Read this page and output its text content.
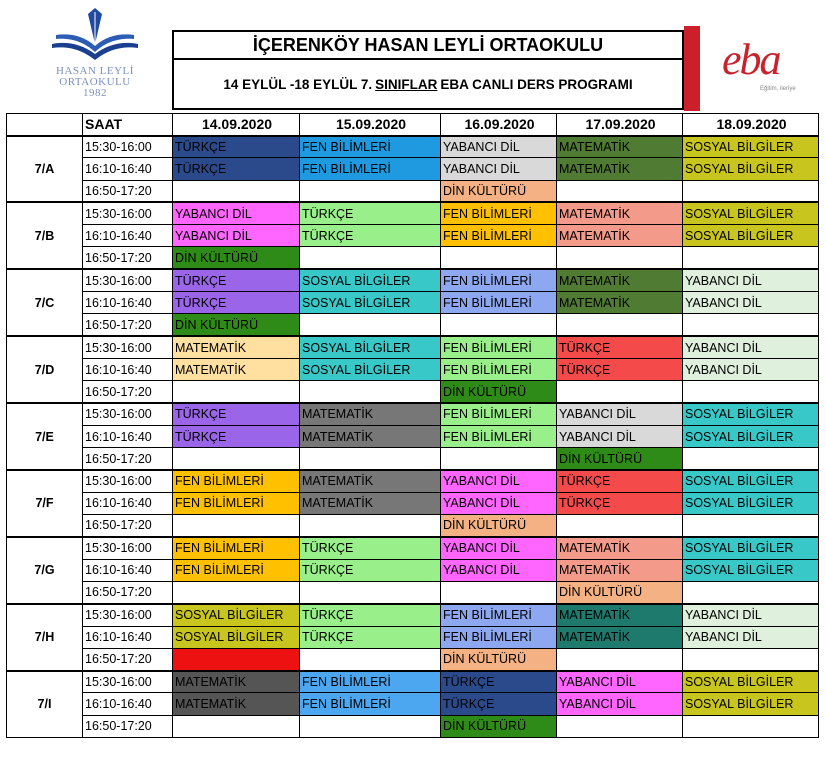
HASAN LEYLİ
ORTAOKULU
1982
İÇERENKÖY HASAN LEYLİ ORTAOKULU
14 EYLÜL -18 EYLÜL 7. SINIFLAR EBA CANLI DERS PROGRAMI eba
Eğitim, ileriye
	SAAT	14.09.2020	15.09.2020	16.09.2020	17.09.2020	18.09.2020
7/A	15:30-16:00	TÜRKÇE	FEN BİLİMLERİ	YABANCI DİL	MATEMATİK	SOSYAL BİLGİLER
	16:10-16:40	TÜRKÇE	FEN BİLİMLERİ	YABANCI DİL	MATEMATİK	SOSYAL BİLGİLER
	16:50-17:20			DİN KÜLTÜRÜ		
7/B	15:30-16:00	YABANCI DİL	TÜRKÇE	FEN BİLİMLERİ	MATEMATİK	SOSYAL BİLGİLER
	16:10-16:40	YABANCI DİL	TÜRKÇE	FEN BİLİMLERİ	MATEMATİK	SOSYAL BİLGİLER
	16:50-17:20	DİN KÜLTÜRÜ				
7/C	15:30-16:00	TÜRKÇE	SOSYAL BİLGİLER	FEN BİLİMLERİ	MATEMATİK	YABANCI DİL
	16:10-16:40	TÜRKÇE	SOSYAL BİLGİLER	FEN BİLİMLERİ	MATEMATİK	YABANCI DİL
	16:50-17:20	DİN KÜLTÜRÜ				
7/D	15:30-16:00	MATEMATİK	SOSYAL BİLGİLER	FEN BİLİMLERİ	TÜRKÇE	YABANCI DİL
	16:10-16:40	MATEMATİK	SOSYAL BİLGİLER	FEN BİLİMLERİ	TÜRKÇE	YABANCI DİL
	16:50-17:20			DİN KÜLTÜRÜ		
7/E	15:30-16:00	TÜRKÇE	MATEMATİK	FEN BİLİMLERİ	YABANCI DİL	SOSYAL BİLGİLER
	16:10-16:40	TÜRKÇE	MATEMATİK	FEN BİLİMLERİ	YABANCI DİL	SOSYAL BİLGİLER
	16:50-17:20				DİN KÜLTÜRÜ	
7/F	15:30-16:00	FEN BİLİMLERİ	MATEMATİK	YABANCI DİL	TÜRKÇE	SOSYAL BİLGİLER
	16:10-16:40	FEN BİLİMLERİ	MATEMATİK	YABANCI DİL	TÜRKÇE	SOSYAL BİLGİLER
	16:50-17:20			DİN KÜLTÜRÜ		
7/G	15:30-16:00	FEN BİLİMLERİ	TÜRKÇE	YABANCI DİL	MATEMATİK	SOSYAL BİLGİLER
	16:10-16:40	FEN BİLİMLERİ	TÜRKÇE	YABANCI DİL	MATEMATİK	SOSYAL BİLGİLER
	16:50-17:20				DİN KÜLTÜRÜ	
7/H	15:30-16:00	SOSYAL BİLGİLER	TÜRKÇE	FEN BİLİMLERİ	MATEMATİK	YABANCI DİL
	16:10-16:40	SOSYAL BİLGİLER	TÜRKÇE	FEN BİLİMLERİ	MATEMATİK	YABANCI DİL
	16:50-17:20			DİN KÜLTÜRÜ		
7/I	15:30-16:00	MATEMATİK	FEN BİLİMLERİ	TÜRKÇE	YABANCI DİL	SOSYAL BİLGİLER
	16:10-16:40	MATEMATİK	FEN BİLİMLERİ	TÜRKÇE	YABANCI DİL	SOSYAL BİLGİLER
	16:50-17:20			DİN KÜLTÜRÜ		
